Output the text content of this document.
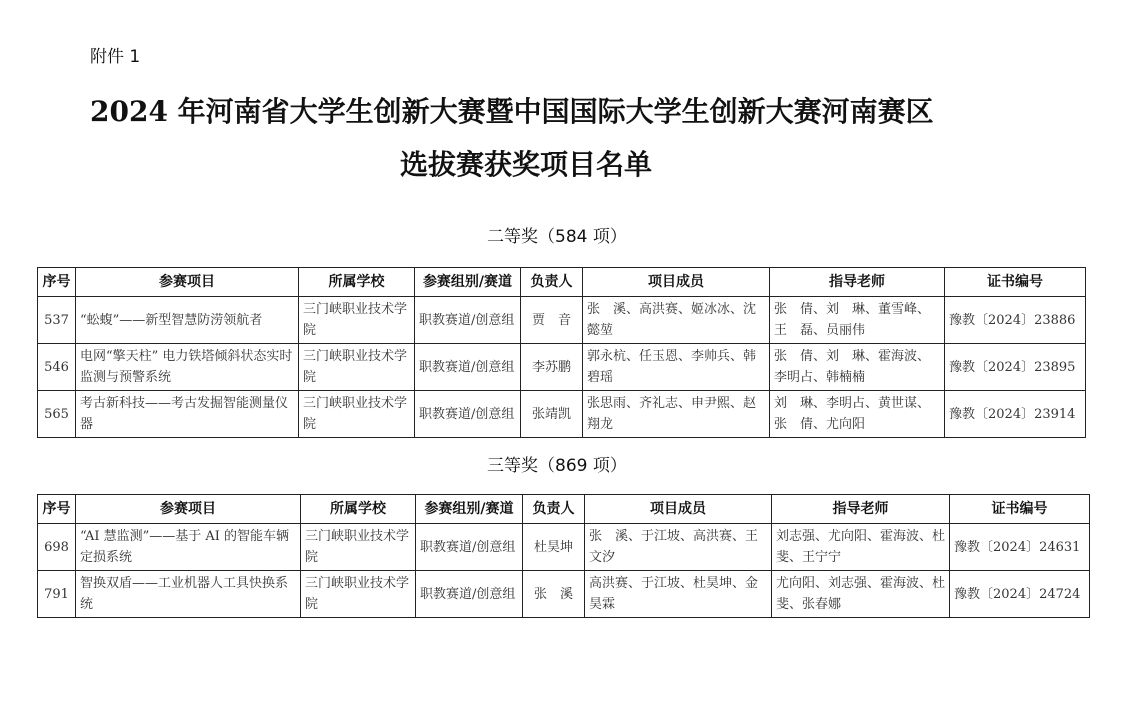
附件 1
2024 年河南省大学生创新大赛暨中国国际大学生创新大赛河南赛区
选拔赛获奖项目名单
二等奖（584 项）
序号	参赛项目	所属学校	参赛组别/赛道	负责人	项目成员	指导老师	证书编号
537	“蚣蝮”——新型智慧防涝领航者	三门峡职业技术学院	职教赛道/创意组	贾　音	张　溪、高洪赛、姬冰冰、沈懿堃	张　倩、刘　琳、董雪峰、王　磊、员丽伟	豫教〔2024〕23886
546	电网“擎天柱” 电力铁塔倾斜状态实时监测与预警系统	三门峡职业技术学院	职教赛道/创意组	李苏鹏	郭永杭、任玉恩、李帅兵、韩碧瑶	张　倩、刘　琳、霍海波、李明占、韩楠楠	豫教〔2024〕23895
565	考古新科技——考古发掘智能测量仪器	三门峡职业技术学院	职教赛道/创意组	张靖凯	张思雨、齐礼志、申尹熙、赵翔龙	刘　琳、李明占、黄世谋、张　倩、尤向阳	豫教〔2024〕23914
三等奖（869 项）
序号	参赛项目	所属学校	参赛组别/赛道	负责人	项目成员	指导老师	证书编号
698	“AI 慧监测”——基于 AI 的智能车辆定损系统	三门峡职业技术学院	职教赛道/创意组	杜昊坤	张　溪、于江坡、高洪赛、王文汐	刘志强、尤向阳、霍海波、杜　斐、王宁宁	豫教〔2024〕24631
791	智换双盾——工业机器人工具快换系统	三门峡职业技术学院	职教赛道/创意组	张　溪	高洪赛、于江坡、杜昊坤、金昊霖	尤向阳、刘志强、霍海波、杜　斐、张春娜	豫教〔2024〕24724
